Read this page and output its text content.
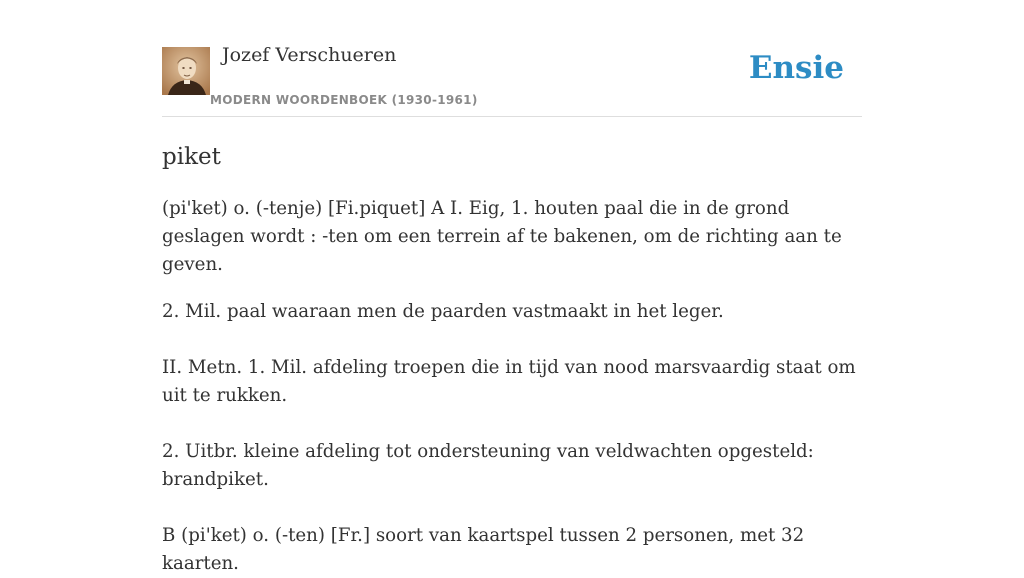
Jozef Verschueren
MODERN WOORDENBOEK (1930-1961)
Ensie
piket

(pi'ket) o. (-tenje) [Fi.piquet] A I. Eig, 1. houten paal die in de grond geslagen wordt : -ten om een terrein af te bakenen, om de richting aan te geven.

2. Mil. paal waaraan men de paarden vastmaakt in het leger.

II. Metn. 1. Mil. afdeling troepen die in tijd van nood marsvaardig staat om uit te rukken.

2. Uitbr. kleine afdeling tot ondersteuning van veldwachten opgesteld: brandpiket.

B (pi'ket) o. (-ten) [Fr.] soort van kaartspel tussen 2 personen, met 32 kaarten.
